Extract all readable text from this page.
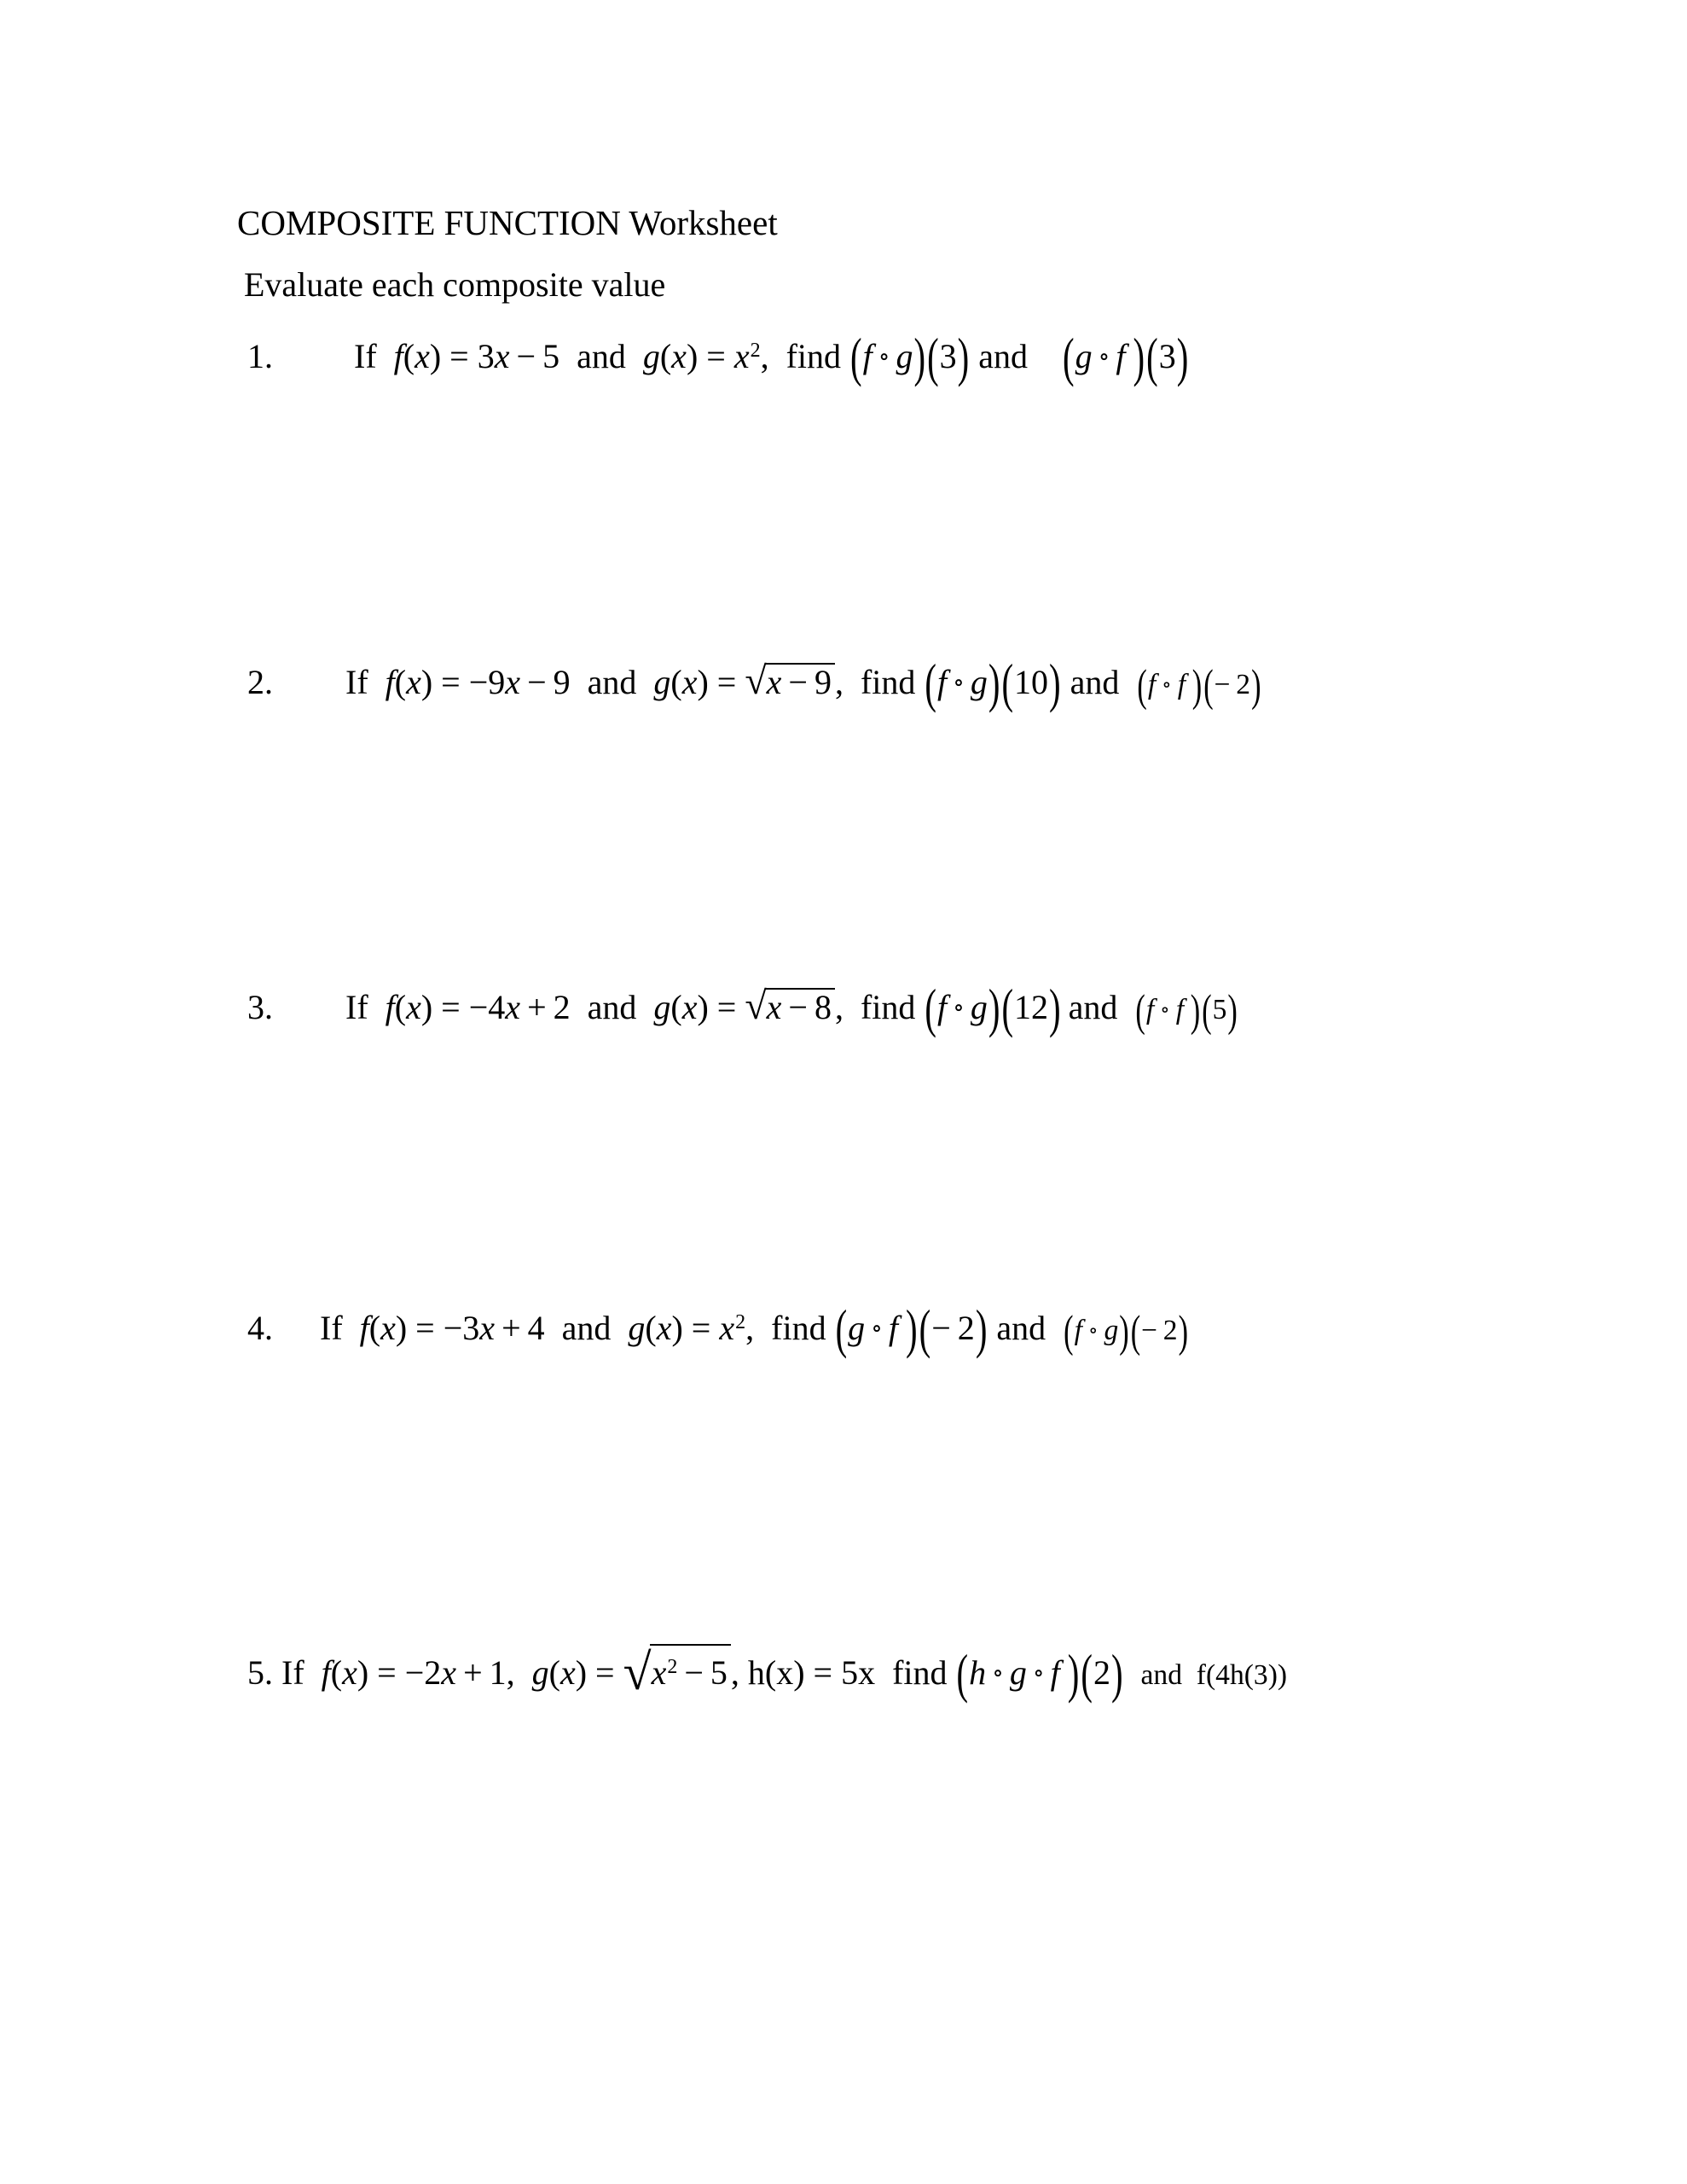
COMPOSITE FUNCTION Worksheet
Evaluate each composite value
1. If f(x) = 3x − 5 and $g(x) = x^2$, find (f ∘ g)(3) and  (g ∘ f  )(3)
2. If f(x) = −9x − 9 and g(x) = √x − 9 , find (f ∘ g)(10) and (f ∘ f  )(− 2)
3. If f(x) = −4x + 2 and g(x) = √x − 8 , find (f ∘ g)(12) and (f ∘ f  )(5)
4. If f(x) = −3x + 4 and $g(x) = x^2$, find (g ∘ f  )(− 2) and (f ∘ g)(− 2)
5. If f(x) = −2x + 1, $g(x) = √x^2 - 5$ , h(x) = 5x find (h ∘ g ∘ f  )(2)  and f(4h(3))
